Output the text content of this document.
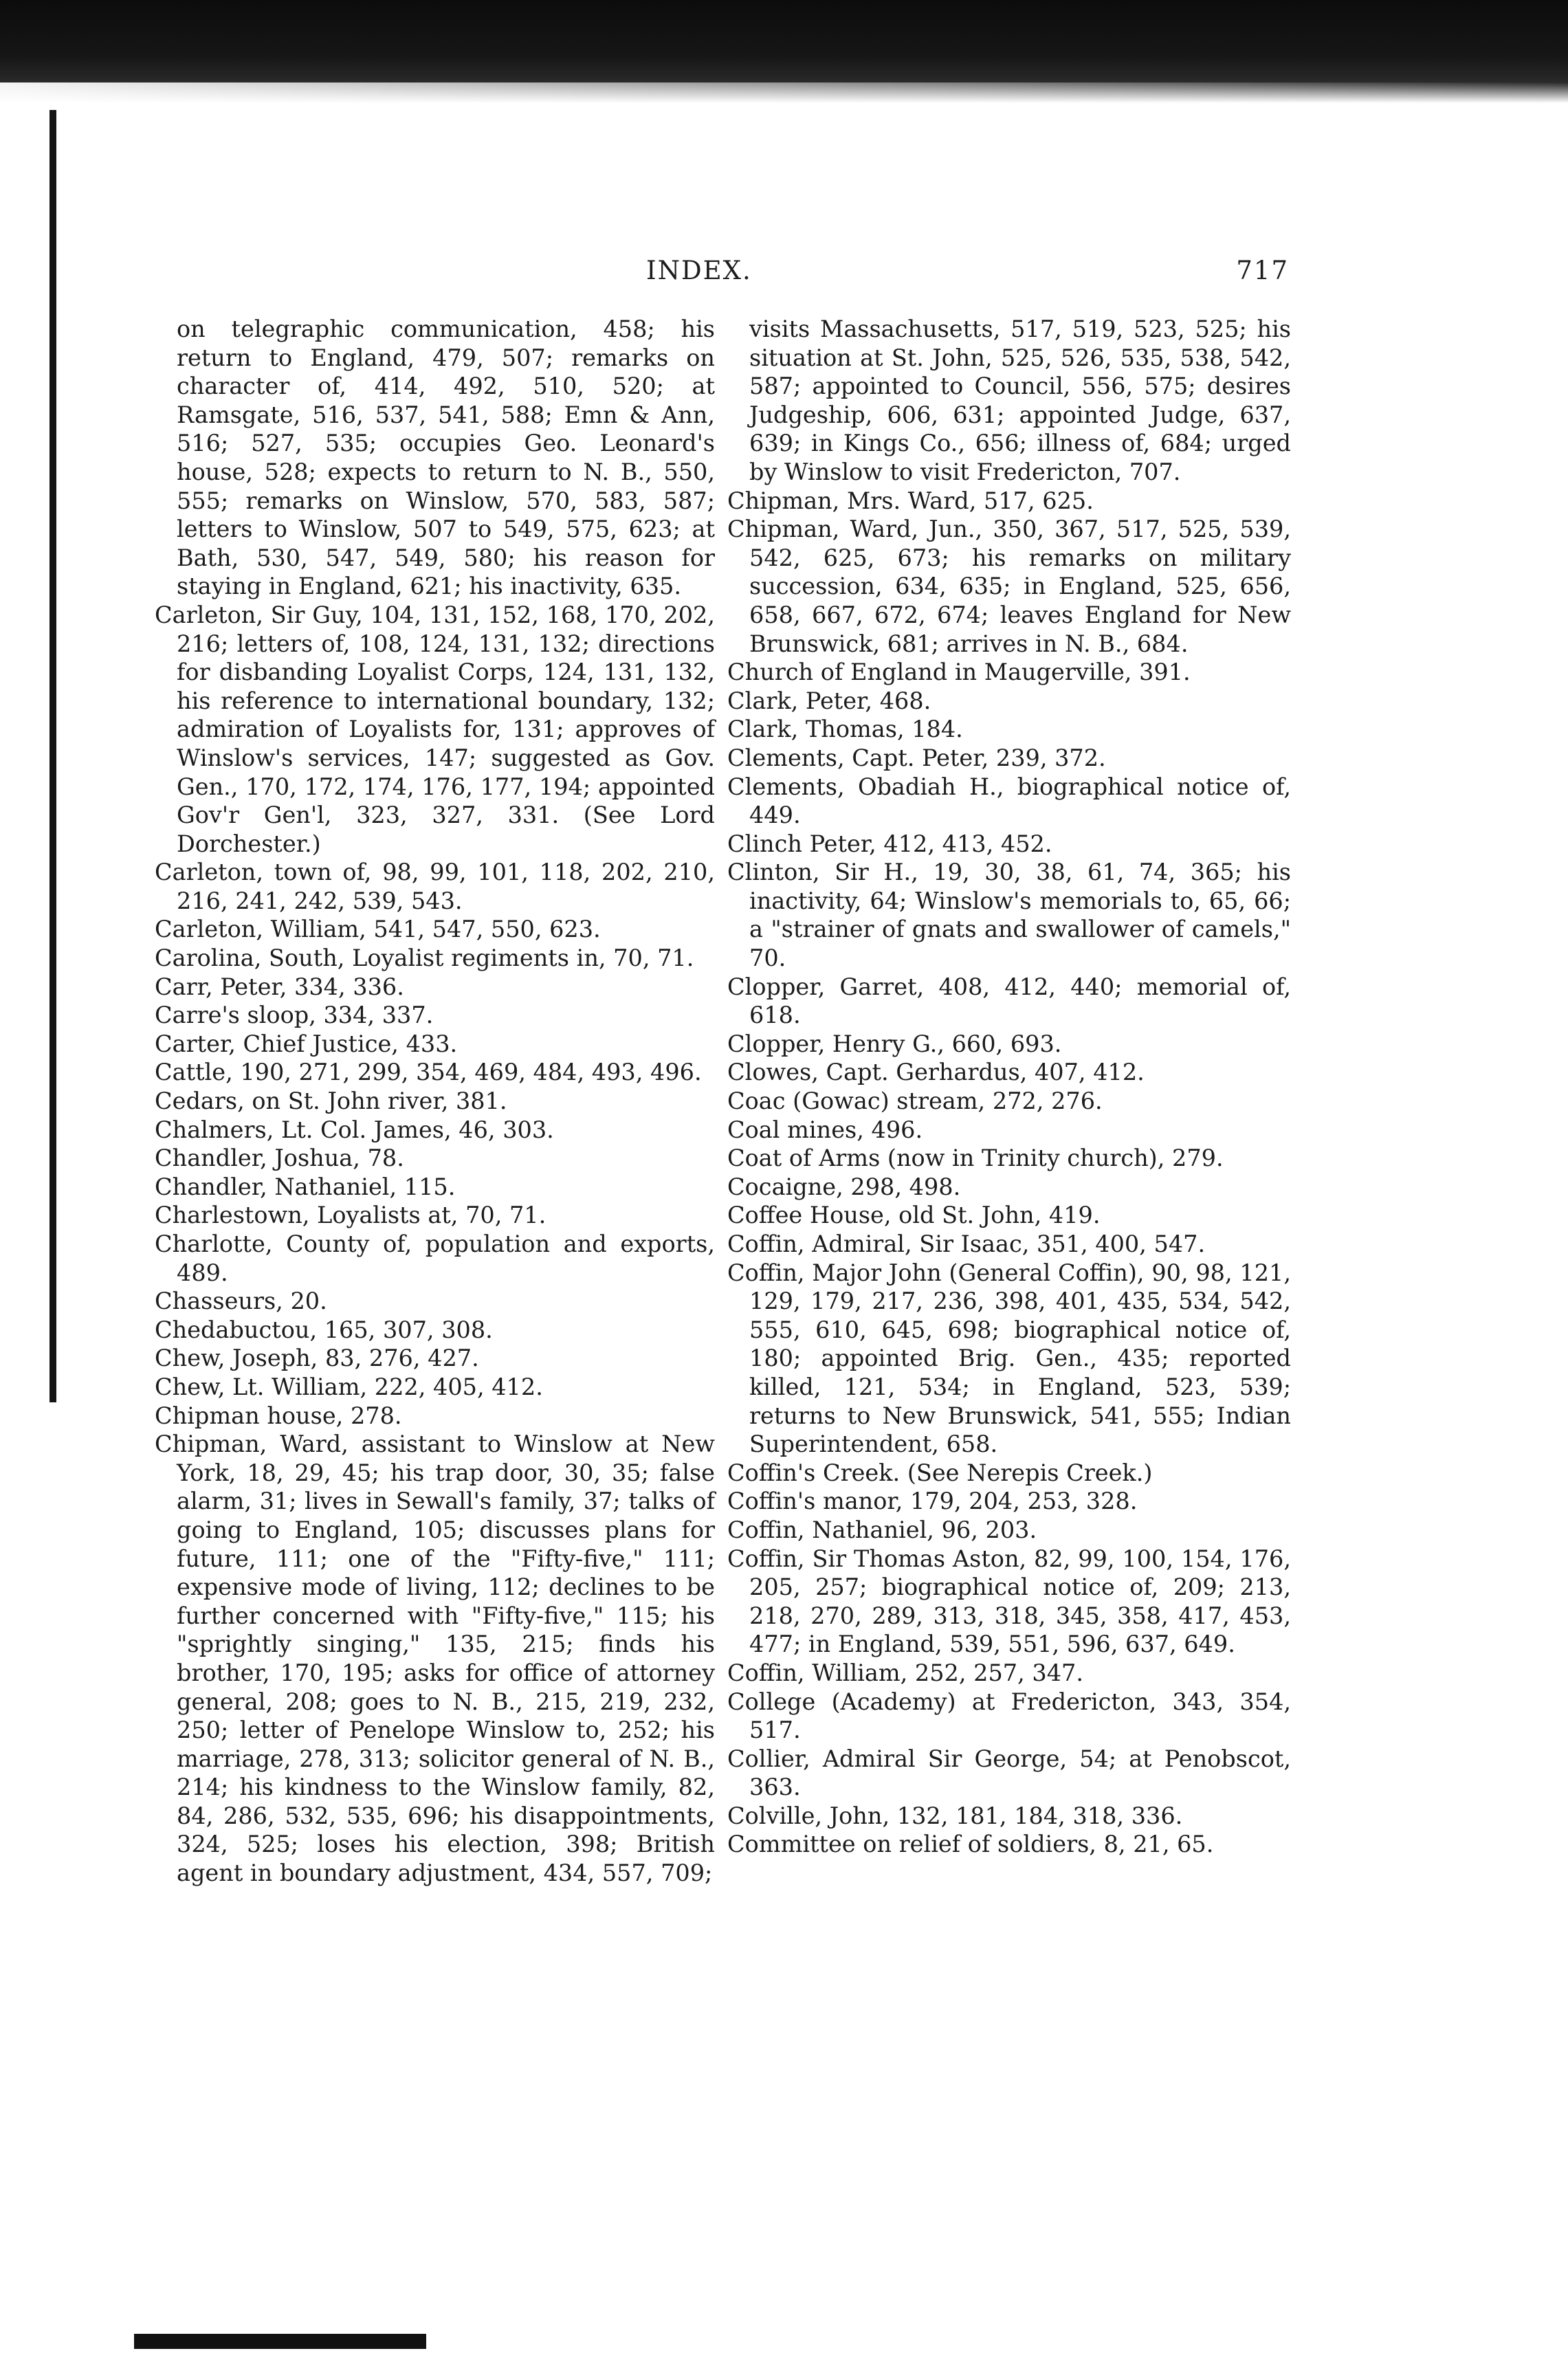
INDEX.	717

on telegraphic communication, 458; his return to England, 479, 507; remarks on character of, 414, 492, 510, 520; at Ramsgate, 516, 537, 541, 588; Emn & Ann, 516; 527, 535; occupies Geo. Leonard's house, 528; expects to return to N. B., 550, 555; remarks on Winslow, 570, 583, 587; letters to Winslow, 507 to 549, 575, 623; at Bath, 530, 547, 549, 580; his reason for staying in England, 621; his inactivity, 635.

Carleton, Sir Guy, 104, 131, 152, 168, 170, 202, 216; letters of, 108, 124, 131, 132; directions for disbanding Loyalist Corps, 124, 131, 132, his reference to international boundary, 132; admiration of Loyalists for, 131; approves of Winslow's services, 147; suggested as Gov. Gen., 170, 172, 174, 176, 177, 194; appointed Gov'r Gen'l, 323, 327, 331. (See Lord Dorchester.)

Carleton, town of, 98, 99, 101, 118, 202, 210, 216, 241, 242, 539, 543.

Carleton, William, 541, 547, 550, 623.

Carolina, South, Loyalist regiments in, 70, 71.

Carr, Peter, 334, 336.

Carre's sloop, 334, 337.

Carter, Chief Justice, 433.

Cattle, 190, 271, 299, 354, 469, 484, 493, 496.

Cedars, on St. John river, 381.

Chalmers, Lt. Col. James, 46, 303.

Chandler, Joshua, 78.

Chandler, Nathaniel, 115.

Charlestown, Loyalists at, 70, 71.

Charlotte, County of, population and exports, 489.

Chasseurs, 20.

Chedabuctou, 165, 307, 308.

Chew, Joseph, 83, 276, 427.

Chew, Lt. William, 222, 405, 412.

Chipman house, 278.

Chipman, Ward, assistant to Winslow at New York, 18, 29, 45; his trap door, 30, 35; false alarm, 31; lives in Sewall's family, 37; talks of going to England, 105; discusses plans for future, 111; one of the "Fifty-five," 111; expensive mode of living, 112; declines to be further concerned with "Fifty-five," 115; his "sprightly singing," 135, 215; finds his brother, 170, 195; asks for office of attorney general, 208; goes to N. B., 215, 219, 232, 250; letter of Penelope Winslow to, 252; his marriage, 278, 313; solicitor general of N. B., 214; his kindness to the Winslow family, 82, 84, 286, 532, 535, 696; his disappointments, 324, 525; loses his election, 398; British agent in boundary adjustment, 434, 557, 709;

visits Massachusetts, 517, 519, 523, 525; his situation at St. John, 525, 526, 535, 538, 542, 587; appointed to Council, 556, 575; desires Judgeship, 606, 631; appointed Judge, 637, 639; in Kings Co., 656; illness of, 684; urged by Winslow to visit Fredericton, 707.

Chipman, Mrs. Ward, 517, 625.

Chipman, Ward, Jun., 350, 367, 517, 525, 539, 542, 625, 673; his remarks on military succession, 634, 635; in England, 525, 656, 658, 667, 672, 674; leaves England for New Brunswick, 681; arrives in N. B., 684.

Church of England in Maugerville, 391.

Clark, Peter, 468.

Clark, Thomas, 184.

Clements, Capt. Peter, 239, 372.

Clements, Obadiah H., biographical notice of, 449.

Clinch Peter, 412, 413, 452.

Clinton, Sir H., 19, 30, 38, 61, 74, 365; his inactivity, 64; Winslow's memorials to, 65, 66; a "strainer of gnats and swallower of camels," 70.

Clopper, Garret, 408, 412, 440; memorial of, 618.

Clopper, Henry G., 660, 693.

Clowes, Capt. Gerhardus, 407, 412.

Coac (Gowac) stream, 272, 276.

Coal mines, 496.

Coat of Arms (now in Trinity church), 279.

Cocaigne, 298, 498.

Coffee House, old St. John, 419.

Coffin, Admiral, Sir Isaac, 351, 400, 547.

Coffin, Major John (General Coffin), 90, 98, 121, 129, 179, 217, 236, 398, 401, 435, 534, 542, 555, 610, 645, 698; biographical notice of, 180; appointed Brig. Gen., 435; reported killed, 121, 534; in England, 523, 539; returns to New Brunswick, 541, 555; Indian Superintendent, 658.

Coffin's Creek. (See Nerepis Creek.)

Coffin's manor, 179, 204, 253, 328.

Coffin, Nathaniel, 96, 203.

Coffin, Sir Thomas Aston, 82, 99, 100, 154, 176, 205, 257; biographical notice of, 209; 213, 218, 270, 289, 313, 318, 345, 358, 417, 453, 477; in England, 539, 551, 596, 637, 649.

Coffin, William, 252, 257, 347.

College (Academy) at Fredericton, 343, 354, 517.

Collier, Admiral Sir George, 54; at Penobscot, 363.

Colville, John, 132, 181, 184, 318, 336.

Committee on relief of soldiers, 8, 21, 65.
